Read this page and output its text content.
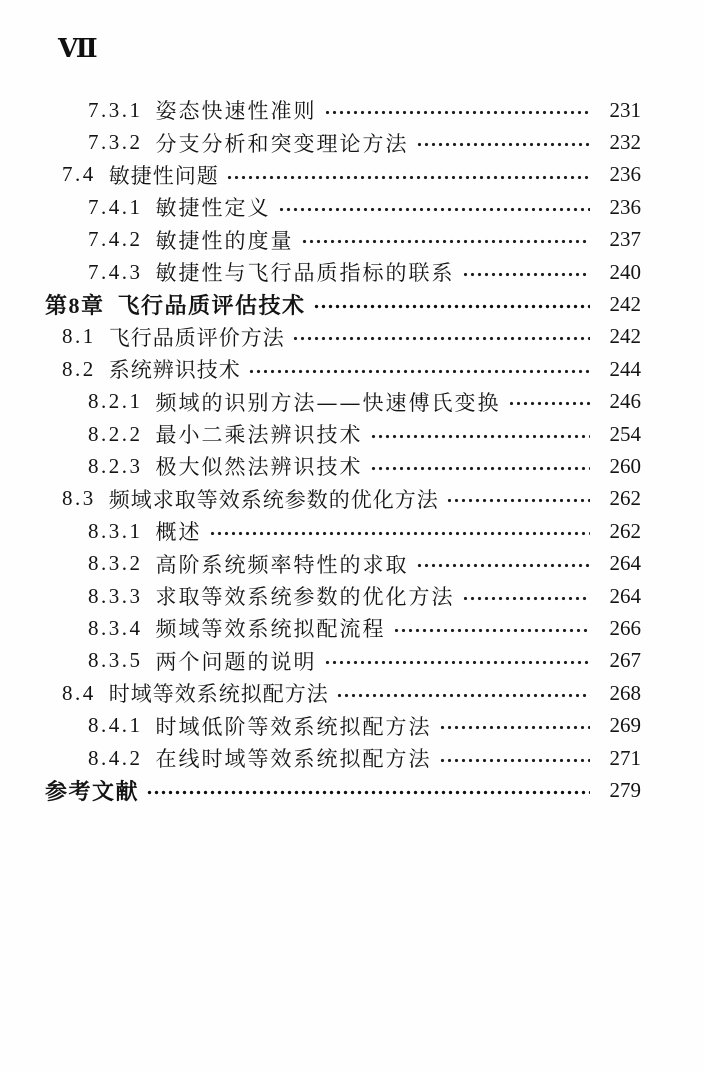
Ⅶ
7.3.1 姿态快速性准则	231
7.3.2 分支分析和突变理论方法	232
7.4 敏捷性问题	236
7.4.1 敏捷性定义	236
7.4.2 敏捷性的度量	237
7.4.3 敏捷性与飞行品质指标的联系	240
第8章 飞行品质评估技术	242
8.1 飞行品质评价方法	242
8.2 系统辨识技术	244
8.2.1 频域的识别方法——快速傅氏变换	246
8.2.2 最小二乘法辨识技术	254
8.2.3 极大似然法辨识技术	260
8.3 频域求取等效系统参数的优化方法	262
8.3.1 概述	262
8.3.2 高阶系统频率特性的求取	264
8.3.3 求取等效系统参数的优化方法	264
8.3.4 频域等效系统拟配流程	266
8.3.5 两个问题的说明	267
8.4 时域等效系统拟配方法	268
8.4.1 时域低阶等效系统拟配方法	269
8.4.2 在线时域等效系统拟配方法	271
参考文献	279
